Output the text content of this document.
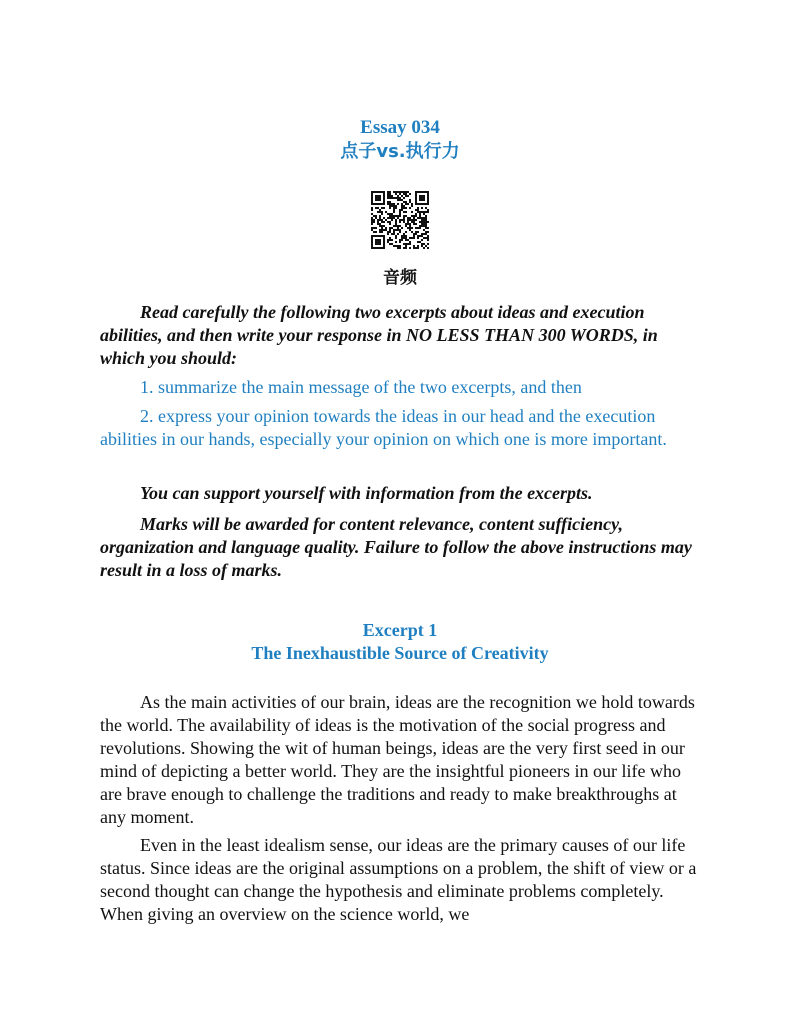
Essay 034
点子vs.执行力
音频

Read carefully the following two excerpts about ideas and execution abilities, and then write your response in NO LESS THAN 300 WORDS, in which you should:

1. summarize the main message of the two excerpts, and then

2. express your opinion towards the ideas in our head and the execution abilities in our hands, especially your opinion on which one is more important.

You can support yourself with information from the excerpts.

Marks will be awarded for content relevance, content sufficiency, organization and language quality. Failure to follow the above instructions may result in a loss of marks.

Excerpt 1
The Inexhaustible Source of Creativity

As the main activities of our brain, ideas are the recognition we hold towards the world. The availability of ideas is the motivation of the social progress and revolutions. Showing the wit of human beings, ideas are the very first seed in our mind of depicting a better world. They are the insightful pioneers in our life who are brave enough to challenge the traditions and ready to make breakthroughs at any moment.

Even in the least idealism sense, our ideas are the primary causes of our life status. Since ideas are the original assumptions on a problem, the shift of view or a second thought can change the hypothesis and eliminate problems completely. When giving an overview on the science world, we
